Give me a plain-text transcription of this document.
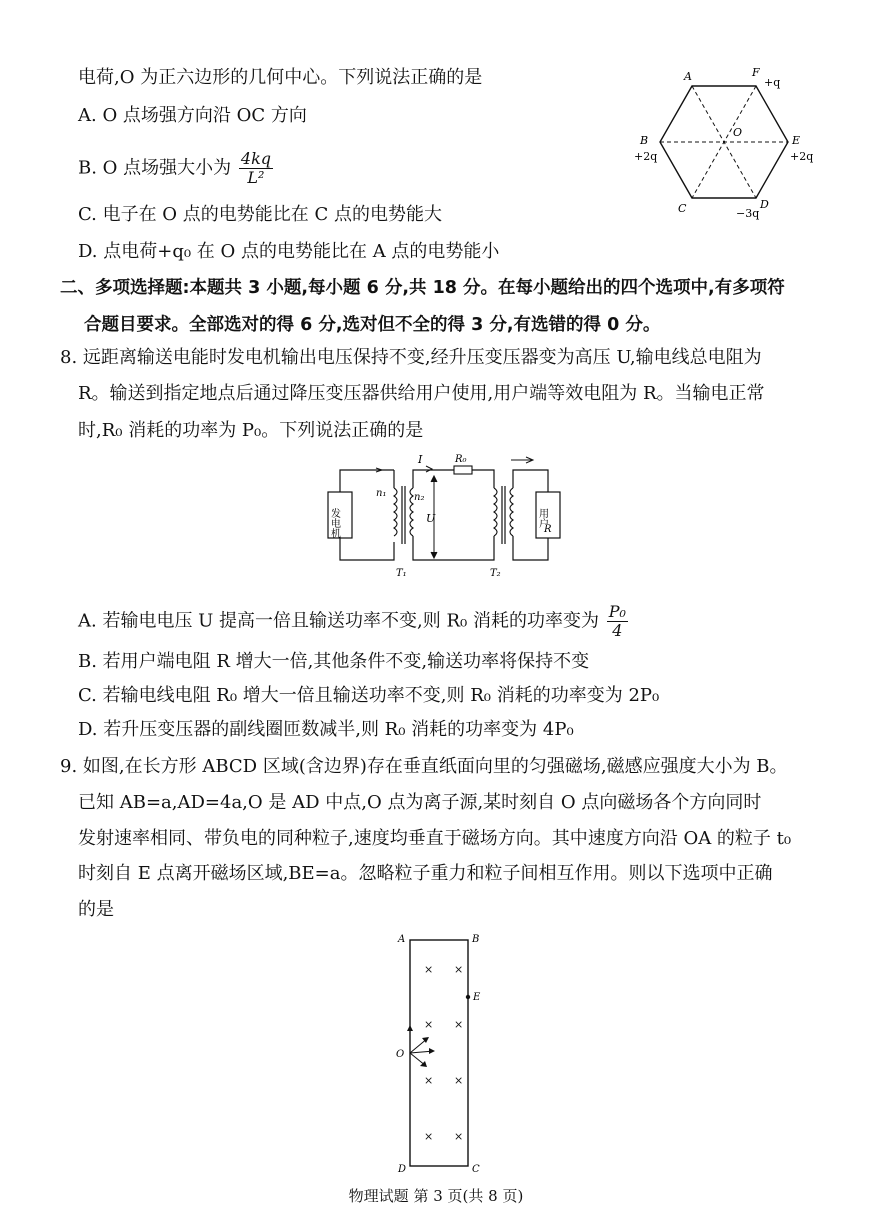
电荷,O 为正六边形的几何中心。下列说法正确的是
A. O 点场强方向沿 OC 方向
B. O 点场强大小为 $\frac{4kq}{\text{L²}}$
C. 电子在 O 点的电势能比在 C 点的电势能大
D. 点电荷+q₀ 在 O 点的电势能比在 A 点的电势能小
A	F
+q
B
+2q
O
E
+2q
C	D
−3q
二、多项选择题:本题共 3 小题,每小题 6 分,共 18 分。在每小题给出的四个选项中,有多项符
合题目要求。全部选对的得 6 分,选对但不全的得 3 分,有选错的得 0 分。
8. 远距离输送电能时发电机输出电压保持不变,经升压变压器变为高压 U,输电线总电阻为
R。输送到指定地点后通过降压变压器供给用户使用,用户端等效电阻为 R。当输电正常
时,R₀ 消耗的功率为 P₀。下列说法正确的是
发电机
n₁	n₂
I	R₀
U	用户
R
T₁	T₂
A. 若输电电压 U 提高一倍且输送功率不变,则 R₀ 消耗的功率变为 $\frac{\text{P₀}}{4}$
B. 若用户端电阻 R 增大一倍,其他条件不变,输送功率将保持不变
C. 若输电线电阻 R₀ 增大一倍且输送功率不变,则 R₀ 消耗的功率变为 2P₀
D. 若升压变压器的副线圈匝数减半,则 R₀ 消耗的功率变为 4P₀
9. 如图,在长方形 ABCD 区域(含边界)存在垂直纸面向里的匀强磁场,磁感应强度大小为 B。
已知 AB=a,AD=4a,O 是 AD 中点,O 点为离子源,某时刻自 O 点向磁场各个方向同时
发射速率相同、带负电的同种粒子,速度均垂直于磁场方向。其中速度方向沿 OA 的粒子 t₀
时刻自 E 点离开磁场区域,BE=a。忽略粒子重力和粒子间相互作用。则以下选项中正确
的是
A	B
D	C
E
O
× ×
× ×
× ×
× ×
物理试题 第 3 页(共 8 页)
